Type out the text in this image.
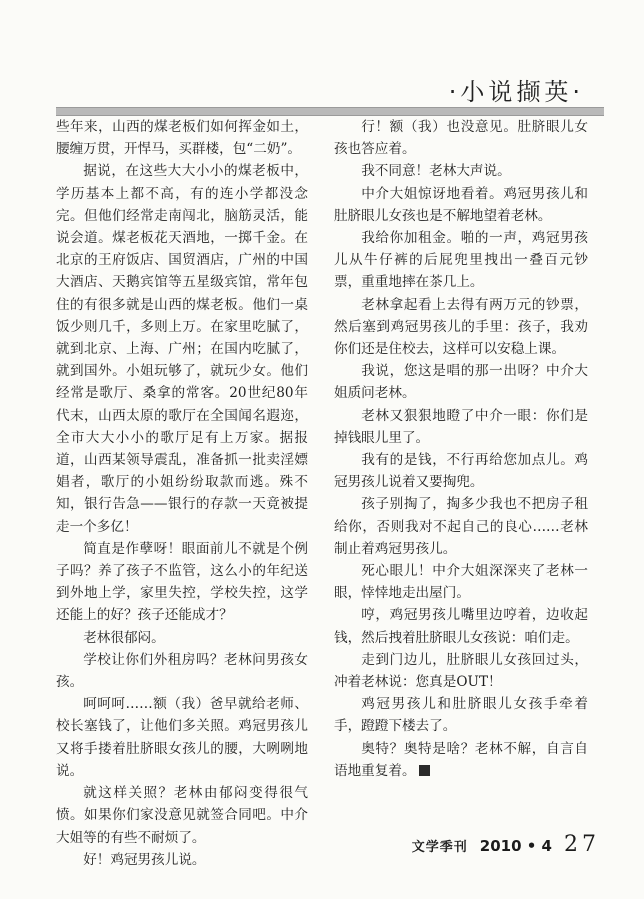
·小说撷英·

些年来，山西的煤老板们如何挥金如土，腰缠万贯，开悍马，买群楼，包“二奶”。

据说，在这些大大小小的煤老板中，学历基本上都不高，有的连小学都没念完。但他们经常走南闯北，脑筋灵活，能说会道。煤老板花天酒地，一掷千金。在北京的王府饭店、国贸酒店，广州的中国大酒店、天鹅宾馆等五星级宾馆，常年包住的有很多就是山西的煤老板。他们一桌饭少则几千，多则上万。在家里吃腻了，就到北京、上海、广州；在国内吃腻了，就到国外。小姐玩够了，就玩少女。他们经常是歌厅、桑拿的常客。20世纪80年代末，山西太原的歌厅在全国闻名遐迩，全市大大小小的歌厅足有上万家。据报道，山西某领导震乱，准备抓一批卖淫嫖娼者，歌厅的小姐纷纷取款而逃。殊不知，银行告急——银行的存款一天竟被提走一个多亿！

简直是作孽呀！眼面前儿不就是个例子吗？养了孩子不监管，这么小的年纪送到外地上学，家里失控，学校失控，这学还能上的好？孩子还能成才？

老林很郁闷。

学校让你们外租房吗？老林问男孩女孩。

呵呵呵……额（我）爸早就给老师、校长塞钱了，让他们多关照。鸡冠男孩儿又将手搂着肚脐眼女孩儿的腰，大咧咧地说。

就这样关照？老林由郁闷变得很气愤。如果你们家没意见就签合同吧。中介大姐等的有些不耐烦了。

好！鸡冠男孩儿说。

行！额（我）也没意见。肚脐眼儿女孩也答应着。

我不同意！老林大声说。

中介大姐惊讶地看着。鸡冠男孩儿和肚脐眼儿女孩也是不解地望着老林。

我给你加租金。啪的一声，鸡冠男孩儿从牛仔裤的后屁兜里拽出一叠百元钞票，重重地摔在茶几上。

老林拿起看上去得有两万元的钞票，然后塞到鸡冠男孩儿的手里：孩子，我劝你们还是住校去，这样可以安稳上课。

我说，您这是唱的那一出呀？中介大姐质问老林。

老林又狠狠地瞪了中介一眼：你们是掉钱眼儿里了。

我有的是钱，不行再给您加点儿。鸡冠男孩儿说着又要掏兜。

孩子别掏了，掏多少我也不把房子租给你，否则我对不起自己的良心……老林制止着鸡冠男孩儿。

死心眼儿！中介大姐深深夹了老林一眼，悻悻地走出屋门。

哼，鸡冠男孩儿嘴里边哼着，边收起钱，然后拽着肚脐眼儿女孩说：咱们走。

走到门边儿，肚脐眼儿女孩回过头，冲着老林说：您真是OUT！

鸡冠男孩儿和肚脐眼儿女孩手牵着手，蹬蹬下楼去了。

奥特？奥特是啥？老林不解，自言自语地重复着。

文学季刊 2010 • 4 27
